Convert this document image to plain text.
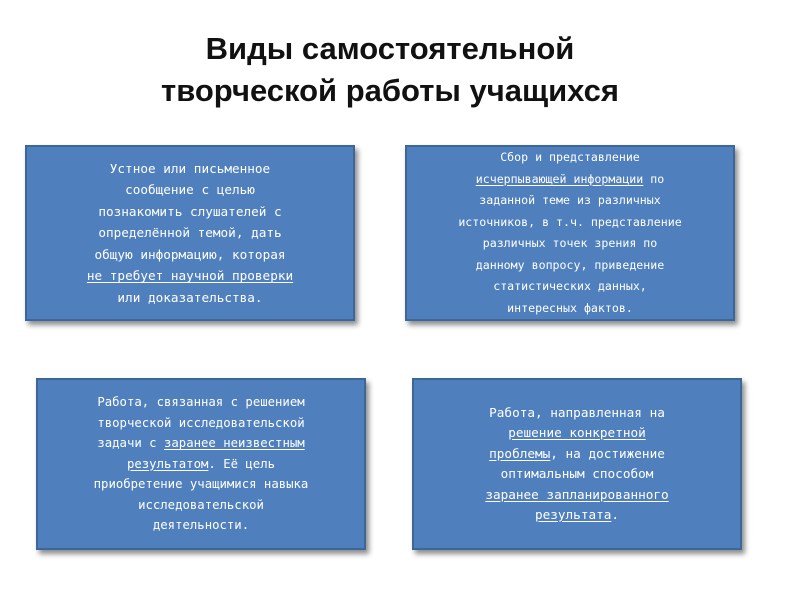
Виды самостоятельной
творческой работы учащихся
Устное или письменное
сообщение с целью
познакомить слушателей с
определённой темой, дать
общую информацию, которая
не требует научной проверки
или доказательства.
Сбор и представление
исчерпывающей информации по
заданной теме из различных
источников, в т.ч. представление
различных точек зрения по
данному вопросу, приведение
статистических данных,
интересных фактов.
Работа, связанная с решением
творческой исследовательской
задачи с заранее неизвестным
результатом. Её цель
приобретение учащимися навыка
исследовательской
деятельности.
Работа, направленная на
решение конкретной
проблемы, на достижение
оптимальным способом
заранее запланированного
результата.
